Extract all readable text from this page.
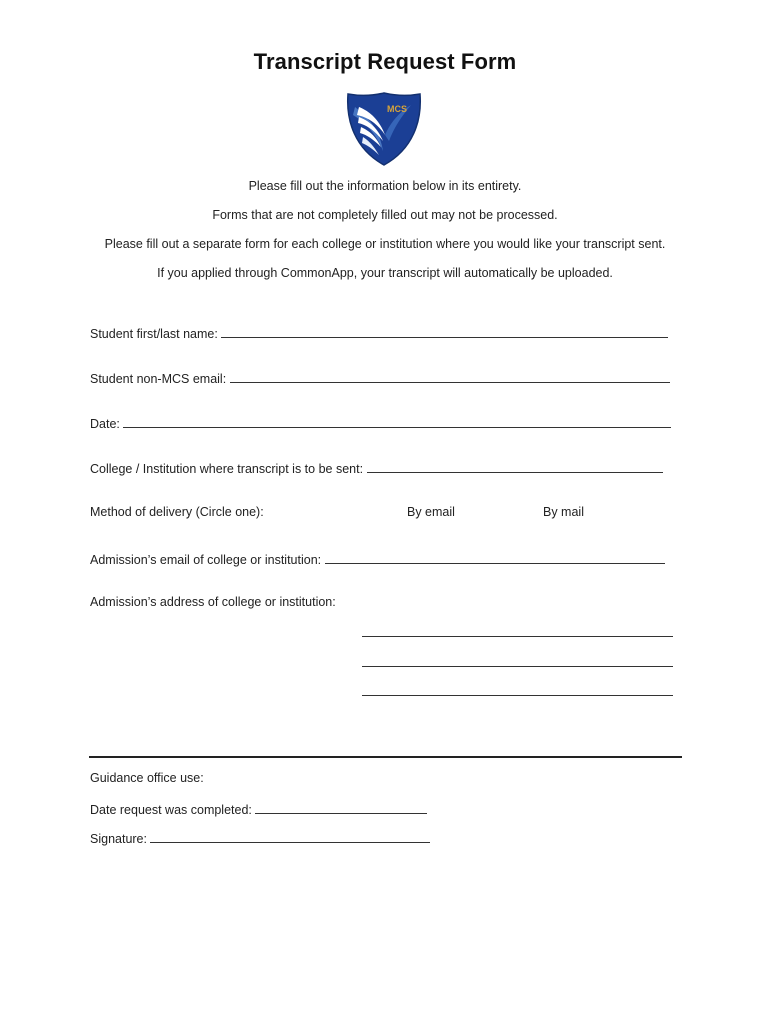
Transcript Request Form
MCS
Please fill out the information below in its entirety.
Forms that are not completely filled out may not be processed.
Please fill out a separate form for each college or institution where you would like your transcript sent.
If you applied through CommonApp, your transcript will automatically be uploaded.
Student first/last name:
Student non-MCS email:
Date:
College / Institution where transcript is to be sent:
Method of delivery (Circle one):	By email	By mail
Admission’s email of college or institution:
Admission’s address of college or institution:
Guidance office use:
Date request was completed:
Signature:
